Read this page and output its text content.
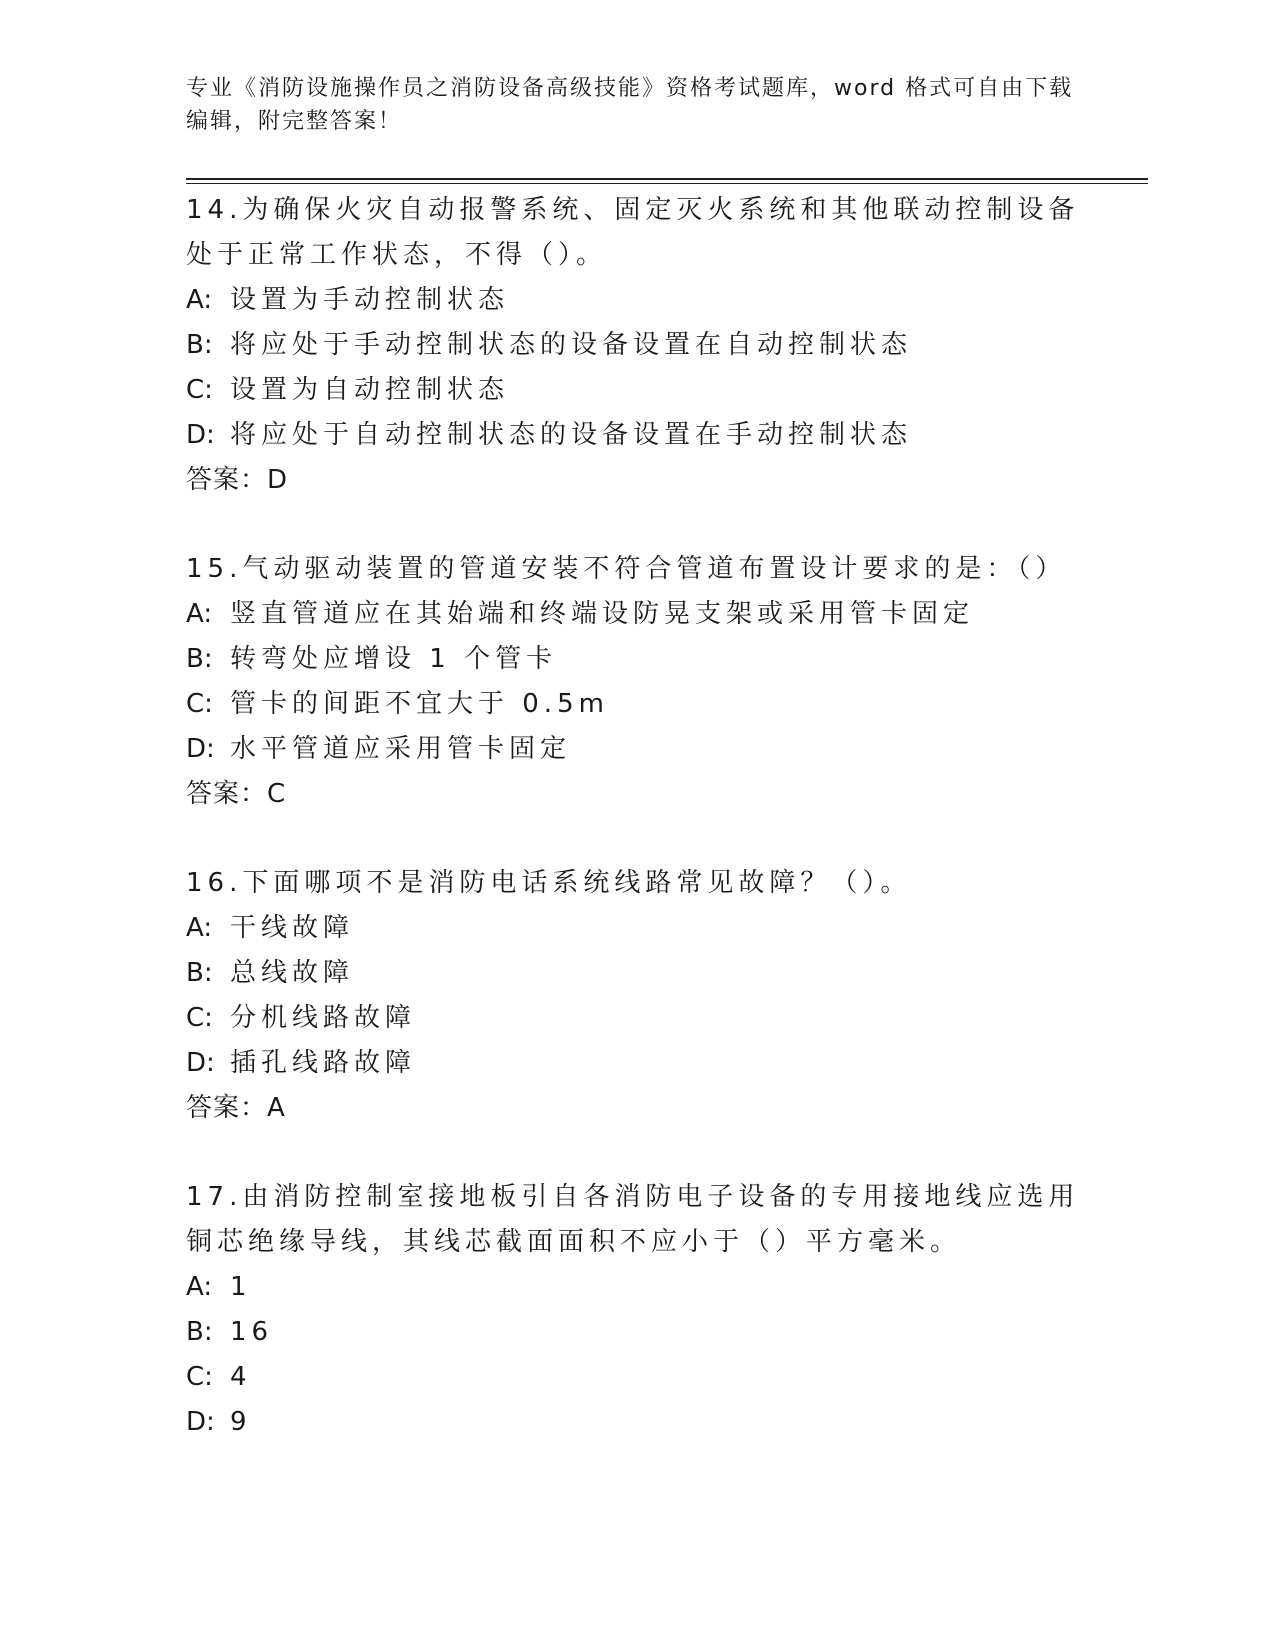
专业《消防设施操作员之消防设备高级技能》资格考试题库，word 格式可自由下载编辑，附完整答案！
14.为确保火灾自动报警系统、固定灭火系统和其他联动控制设备处于正常工作状态，不得（）。
A: 设置为手动控制状态
B: 将应处于手动控制状态的设备设置在自动控制状态
C: 设置为自动控制状态
D: 将应处于自动控制状态的设备设置在手动控制状态
答案：D
15.气动驱动装置的管道安装不符合管道布置设计要求的是：（）
A: 竖直管道应在其始端和终端设防晃支架或采用管卡固定
B: 转弯处应增设 1 个管卡
C: 管卡的间距不宜大于 0.5m
D: 水平管道应采用管卡固定
答案：C
16.下面哪项不是消防电话系统线路常见故障？（）。
A: 干线故障
B: 总线故障
C: 分机线路故障
D: 插孔线路故障
答案：A
17.由消防控制室接地板引自各消防电子设备的专用接地线应选用铜芯绝缘导线，其线芯截面面积不应小于（）平方毫米。
A: 1
B: 16
C: 4
D: 9
